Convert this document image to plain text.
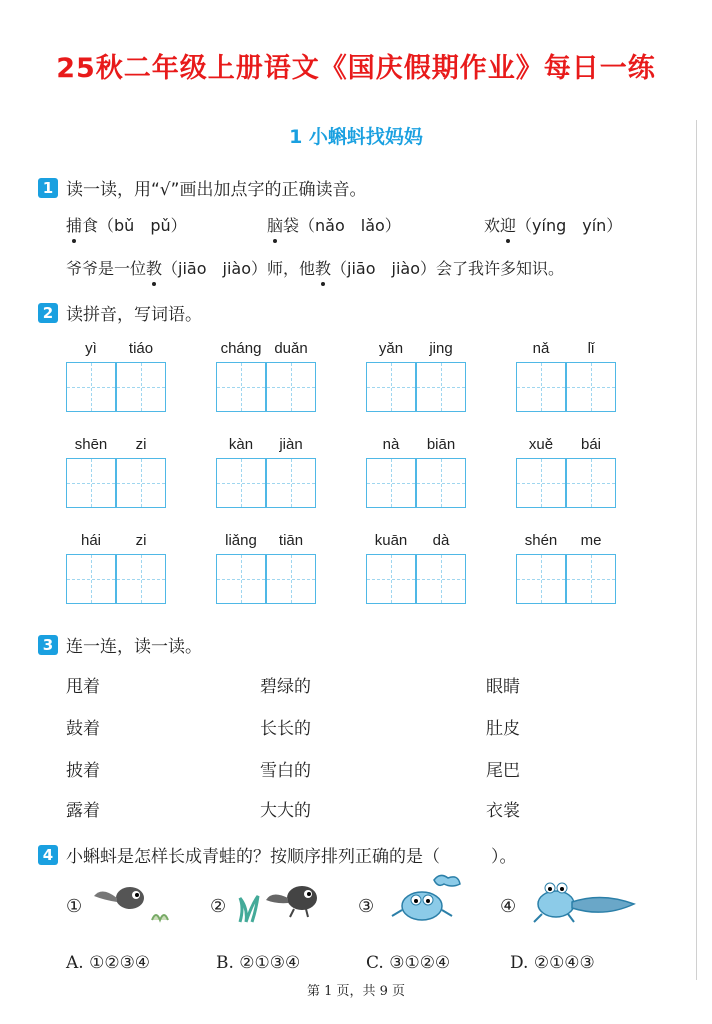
25秋二年级上册语文《国庆假期作业》每日一练
1 小蝌蚪找妈妈
1 读一读，用“√”画出加点字的正确读音。
捕食（bǔ　pǔ）	脑袋（nǎo　lǎo）	欢迎（yíng　yín）
爷爷是一位教（jiāo　jiào）师，他教（jiāo　jiào）会了我许多知识。
2 读拼音，写词语。
yì	tiáo	cháng duǎn	yǎn	jing	nǎ	lǐ
shēn	zi	kàn	jiàn	nà	biān	xuě	bái
hái	zi	liǎng	tiān	kuān	dà	shén	me
3 连一连，读一读。
甩着
鼓着
披着
露着
碧绿的
长长的
雪白的
大大的
眼睛
肚皮
尾巴
衣裳
4 小蝌蚪是怎样长成青蛙的？按顺序排列正确的是（　　　）。
①	②	③	④
A. ①②③④	B. ②①③④	C. ③①②④	D. ②①④③
第 1 页，共 9 页
